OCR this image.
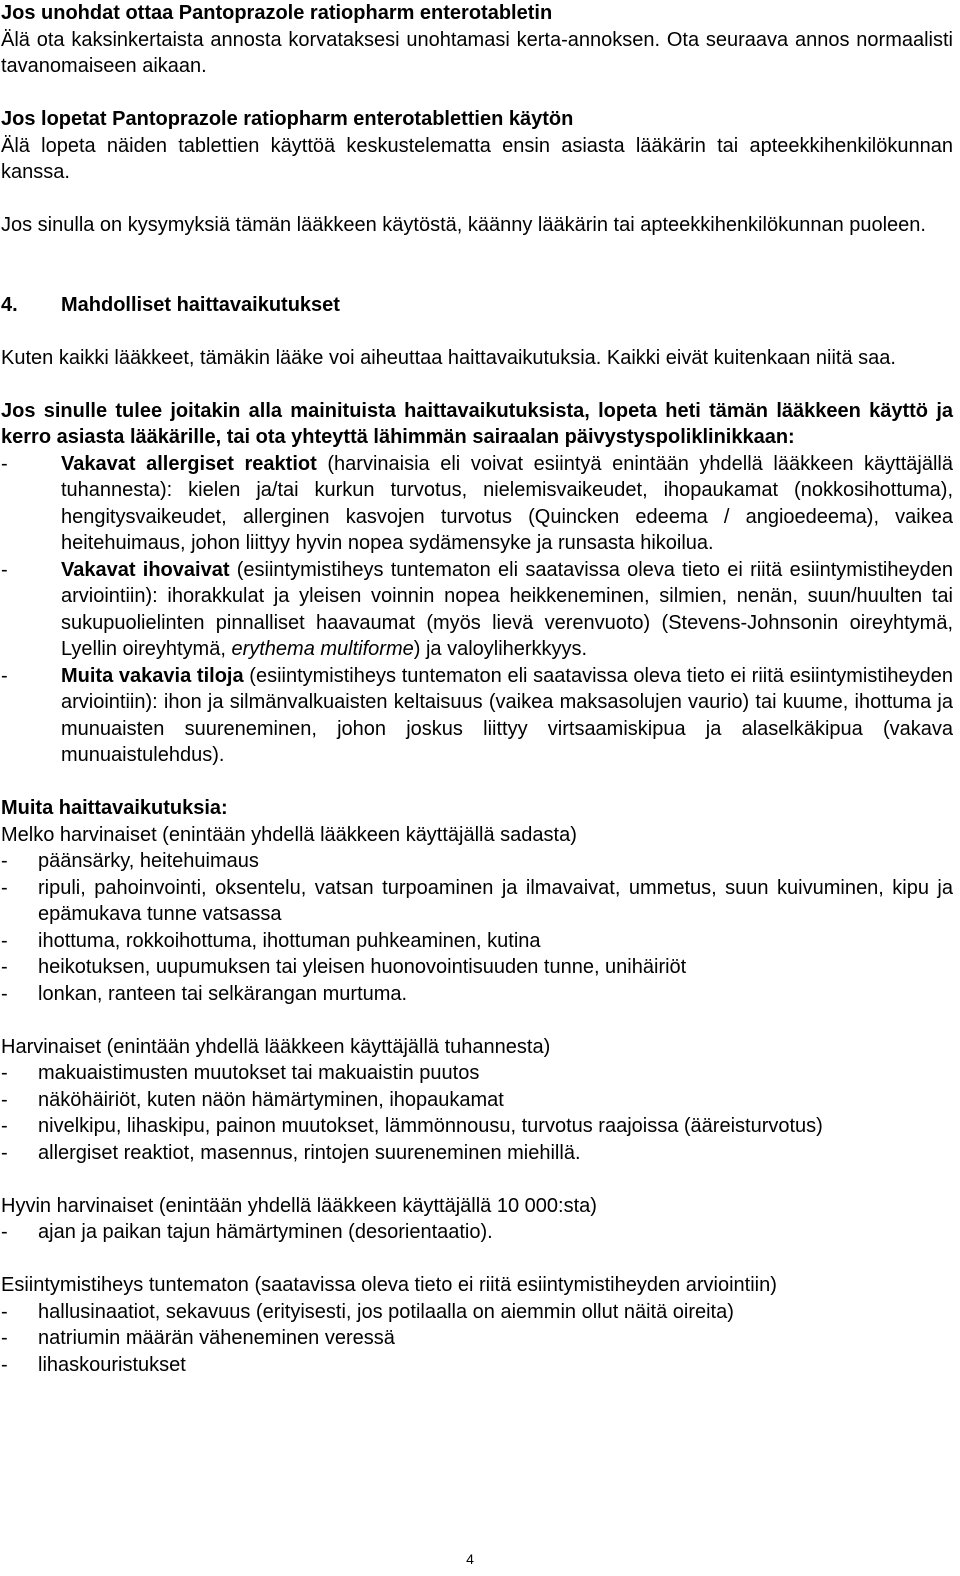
Jos unohdat ottaa Pantoprazole ratiopharm enterotabletin

Älä ota kaksinkertaista annosta korvataksesi unohtamasi kerta-annoksen. Ota seuraava annos normaalisti tavanomaiseen aikaan.

Jos lopetat Pantoprazole ratiopharm enterotablettien käytön

Älä lopeta näiden tablettien käyttöä keskustelematta ensin asiasta lääkärin tai apteekkihenkilökunnan kanssa.

Jos sinulla on kysymyksiä tämän lääkkeen käytöstä, käänny lääkärin tai apteekkihenkilökunnan puoleen.

4.	Mahdolliset haittavaikutukset

Kuten kaikki lääkkeet, tämäkin lääke voi aiheuttaa haittavaikutuksia. Kaikki eivät kuitenkaan niitä saa.

Jos sinulle tulee joitakin alla mainituista haittavaikutuksista, lopeta heti tämän lääkkeen käyttö ja kerro asiasta lääkärille, tai ota yhteyttä lähimmän sairaalan päivystyspoliklinikkaan:

-	Vakavat allergiset reaktiot (harvinaisia eli voivat esiintyä enintään yhdellä lääkkeen käyttäjällä tuhannesta): kielen ja/tai kurkun turvotus, nielemisvaikeudet, ihopaukamat (nokkosihottuma), hengitysvaikeudet, allerginen kasvojen turvotus (Quincken edeema / angioedeema), vaikea heitehuimaus, johon liittyy hyvin nopea sydämensyke ja runsasta hikoilua.
-	Vakavat ihovaivat (esiintymistiheys tuntematon eli saatavissa oleva tieto ei riitä esiintymistiheyden arviointiin): ihorakkulat ja yleisen voinnin nopea heikkeneminen, silmien, nenän, suun/huulten tai sukupuolielinten pinnalliset haavaumat (myös lievä verenvuoto) (Stevens-Johnsonin oireyhtymä, Lyellin oireyhtymä, erythema multiforme) ja valoyliherkkyys.
-	Muita vakavia tiloja (esiintymistiheys tuntematon eli saatavissa oleva tieto ei riitä esiintymistiheyden arviointiin): ihon ja silmänvalkuaisten keltaisuus (vaikea maksasolujen vaurio) tai kuume, ihottuma ja munuaisten suureneminen, johon joskus liittyy virtsaamiskipua ja alaselkäkipua (vakava munuaistulehdus).

Muita haittavaikutuksia:

Melko harvinaiset (enintään yhdellä lääkkeen käyttäjällä sadasta)

-	päänsärky, heitehuimaus
-	ripuli, pahoinvointi, oksentelu, vatsan turpoaminen ja ilmavaivat, ummetus, suun kuivuminen, kipu ja epämukava tunne vatsassa
-	ihottuma, rokkoihottuma, ihottuman puhkeaminen, kutina
-	heikotuksen, uupumuksen tai yleisen huonovointisuuden tunne, unihäiriöt
-	lonkan, ranteen tai selkärangan murtuma.

Harvinaiset (enintään yhdellä lääkkeen käyttäjällä tuhannesta)

-	makuaistimusten muutokset tai makuaistin puutos
-	näköhäiriöt, kuten näön hämärtyminen, ihopaukamat
-	nivelkipu, lihaskipu, painon muutokset, lämmönnousu, turvotus raajoissa (ääreisturvotus)
-	allergiset reaktiot, masennus, rintojen suureneminen miehillä.

Hyvin harvinaiset (enintään yhdellä lääkkeen käyttäjällä 10 000:sta)

-	ajan ja paikan tajun hämärtyminen (desorientaatio).

Esiintymistiheys tuntematon (saatavissa oleva tieto ei riitä esiintymistiheyden arviointiin)

-	hallusinaatiot, sekavuus (erityisesti, jos potilaalla on aiemmin ollut näitä oireita)
-	natriumin määrän väheneminen veressä
-	lihaskouristukset
4
